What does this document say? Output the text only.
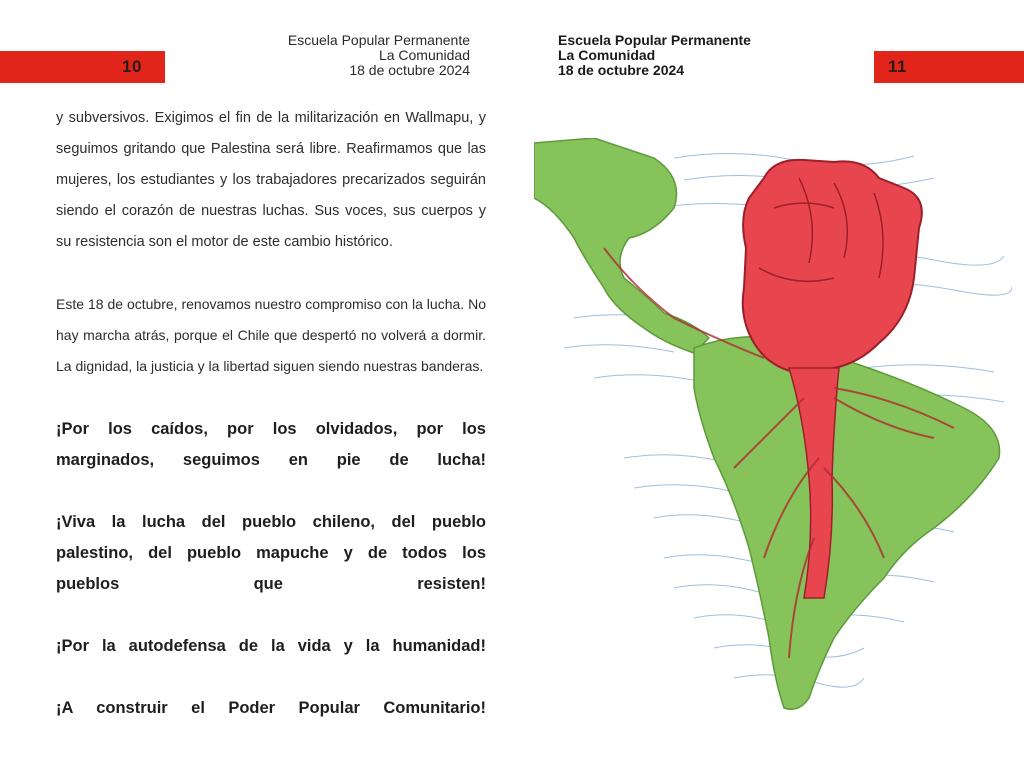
Escuela Popular Permanente
La Comunidad
18 de octubre 2024
10
y subversivos. Exigimos el fin de la militarización en Wallmapu, y seguimos gritando que Palestina será libre. Reafirmamos que las mujeres, los estudiantes y los trabajadores precarizados seguirán siendo el corazón de nuestras luchas. Sus voces, sus cuerpos y su resistencia son el motor de este cambio histórico.
Este 18 de octubre, renovamos nuestro compromiso con la lucha. No hay marcha atrás, porque el Chile que despertó no volverá a dormir. La dignidad, la justicia y la libertad siguen siendo nuestras banderas.
¡Por los caídos, por los olvidados, por los marginados, seguimos en pie de lucha!
¡Viva la lucha del pueblo chileno, del pueblo palestino, del pueblo mapuche y de todos los pueblos que resisten!
¡Por la autodefensa de la vida y la humanidad!
¡A construir el Poder Popular Comunitario!
Escuela Popular Permanente
La Comunidad
18 de octubre 2024	11
